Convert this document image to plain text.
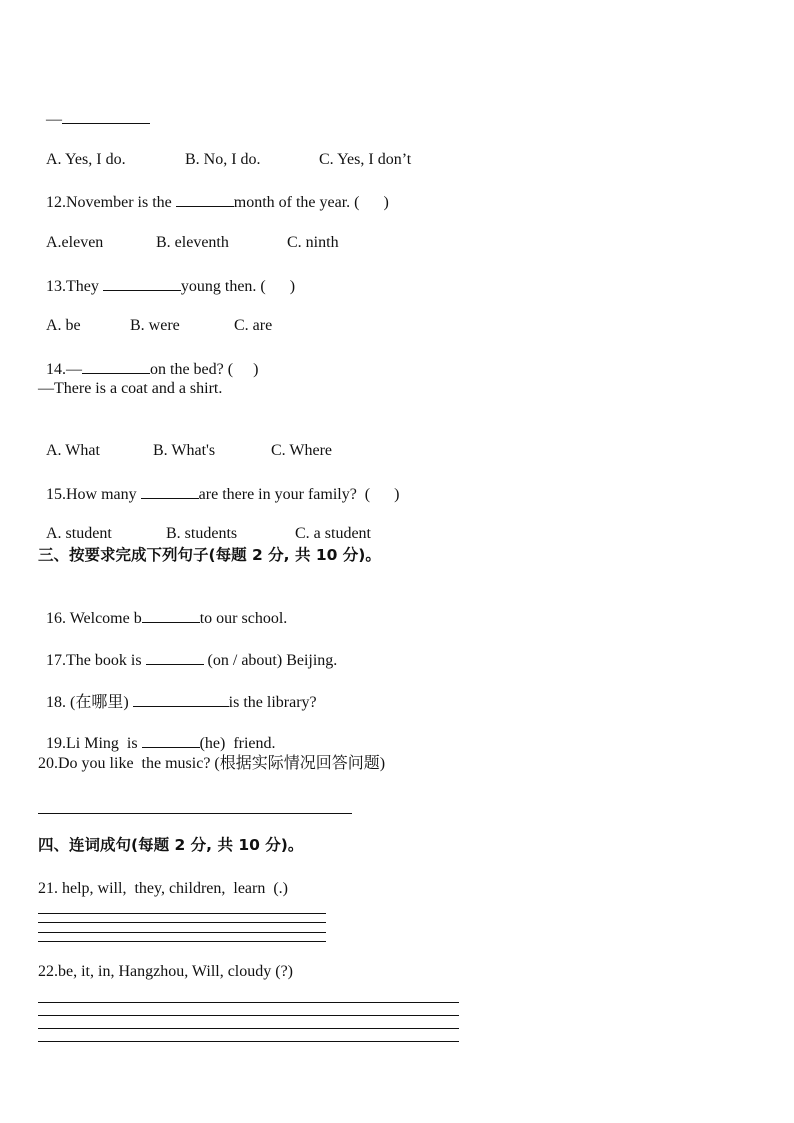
—

A. Yes, I do.	B. No, I do.	C. Yes, I don’t

12.November is the	month of the year. (      )

A.eleven	B. eleventh	C. ninth

13.They	young then. (      )

A. be	B. were	C. are

14.—	on the bed? (     )

—There is a coat and a shirt.

A. What	B. What's	C. Where

15.How many	are there in your family?  (      )

A. student	B. students	C. a student

三、按要求完成下列句子(每题 2 分, 共 10 分)。

16. Welcome b	to our school.

17.The book is	(on / about) Beijing.

18. (在哪里)	is the library?

19.Li Ming  is	(he)  friend.

20.Do you like  the music? (根据实际情况回答问题)
四、连词成句(每题 2 分, 共 10 分)。
21. help, will,  they, children,  learn  (.)
22.be, it, in, Hangzhou, Will, cloudy (?)
